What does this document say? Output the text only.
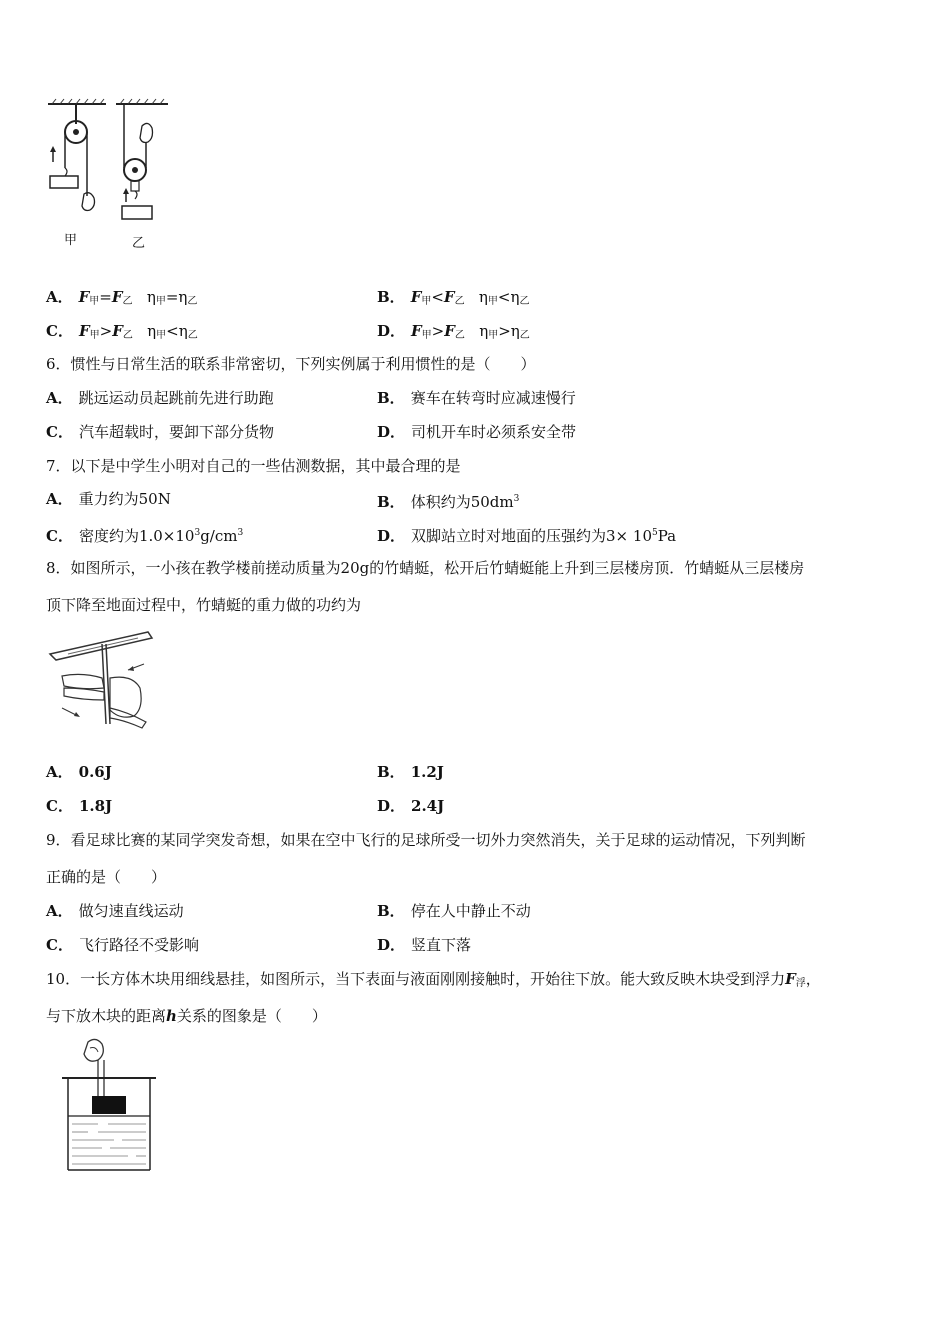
甲	乙
A． $F_甲=F_乙$ $\eta_甲=\eta_乙$	B． $F_甲<F_乙$ $\eta_甲<\eta_乙$
C． $F_甲>F_乙$ $\eta_甲<\eta_乙$	D． $F_甲>F_乙$ $\eta_甲>\eta_乙$
6．惯性与日常生活的联系非常密切，下列实例属于利用惯性的是（　　）
A． 跳远运动员起跳前先进行助跑	B． 赛车在转弯时应减速慢行
C． 汽车超载时，要卸下部分货物	D． 司机开车时必须系安全带
7．以下是中学生小明对自己的一些估测数据，其中最合理的是
A． 重力约为50N	B． 体积约为$50dm^3$
C． 密度约为$1.0\times 10^3g/cm^3$	D． 双脚站立时对地面的压强约为$3\times 10^5Pa$
8．如图所示，一小孩在教学楼前搓动质量为20g的竹蜻蜓，松开后竹蜻蜓能上升到三层楼房顶．竹蜻蜓从三层楼房
顶下降至地面过程中，竹蜻蜓的重力做的功约为
A． 0.6J	B． 1.2J
C． 1.8J	D． 2.4J
9．看足球比赛的某同学突发奇想，如果在空中飞行的足球所受一切外力突然消失，关于足球的运动情况，下列判断
正确的是（　　）
A． 做匀速直线运动	B． 停在人中静止不动
C． 飞行路径不受影响	D． 竖直下落
10．一长方体木块用细线悬挂，如图所示，当下表面与液面刚刚接触时，开始往下放。能大致反映木块受到浮力$F_浮$，
与下放木块的距离h关系的图象是（　　）
